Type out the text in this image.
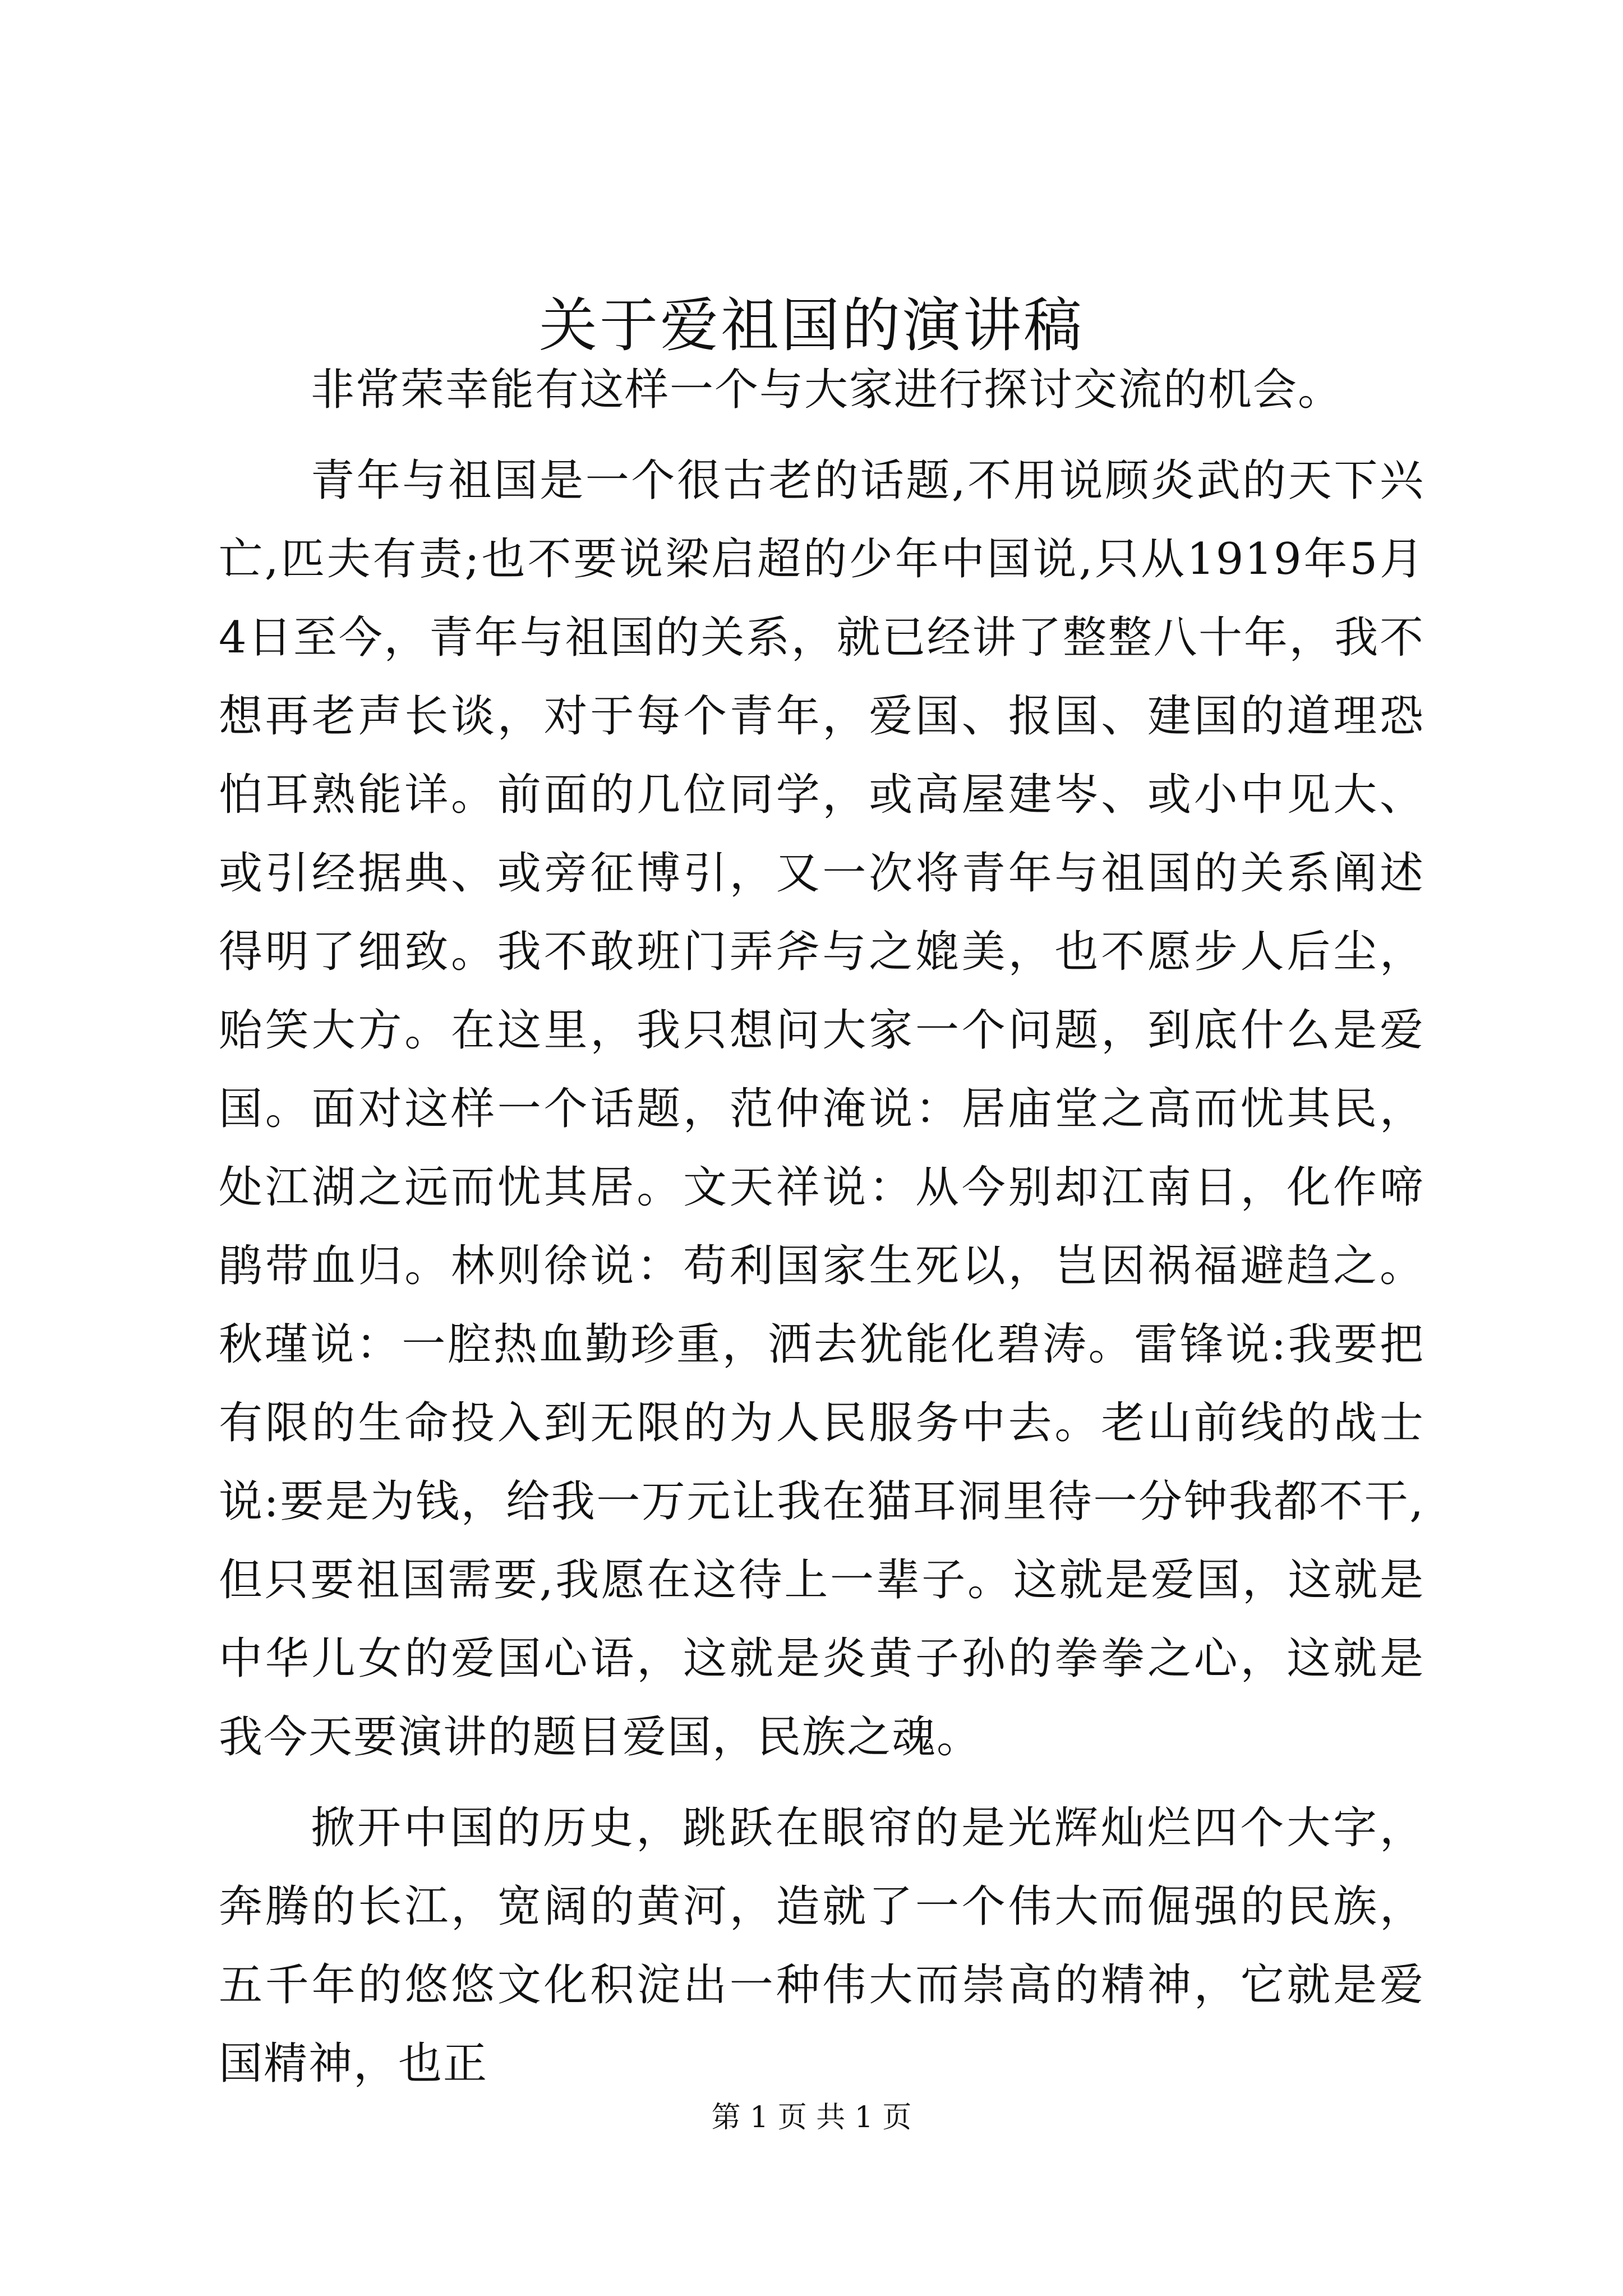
关于爱祖国的演讲稿

非常荣幸能有这样一个与大家进行探讨交流的机会。

青年与祖国是一个很古老的话题,不用说顾炎武的天下兴亡,匹夫有责;也不要说梁启超的少年中国说,只从1919年5月4日至今，青年与祖国的关系，就已经讲了整整八十年，我不想再老声长谈，对于每个青年，爱国、报国、建国的道理恐怕耳熟能详。前面的几位同学，或高屋建岑、或小中见大、或引经据典、或旁征博引，又一次将青年与祖国的关系阐述得明了细致。我不敢班门弄斧与之媲美，也不愿步人后尘，贻笑大方。在这里，我只想问大家一个问题，到底什么是爱国。面对这样一个话题，范仲淹说：居庙堂之高而忧其民，处江湖之远而忧其居。文天祥说：从今别却江南日，化作啼鹃带血归。林则徐说：苟利国家生死以，岂因祸福避趋之。秋瑾说：一腔热血勤珍重，洒去犹能化碧涛。雷锋说:我要把有限的生命投入到无限的为人民服务中去。老山前线的战士说:要是为钱，给我一万元让我在猫耳洞里待一分钟我都不干,但只要祖国需要,我愿在这待上一辈子。这就是爱国，这就是中华儿女的爱国心语，这就是炎黄子孙的拳拳之心，这就是我今天要演讲的题目爱国，民族之魂。

掀开中国的历史，跳跃在眼帘的是光辉灿烂四个大字，奔腾的长江，宽阔的黄河，造就了一个伟大而倔强的民族，五千年的悠悠文化积淀出一种伟大而崇高的精神，它就是爱国精神，也正

第 1 页 共 1 页
